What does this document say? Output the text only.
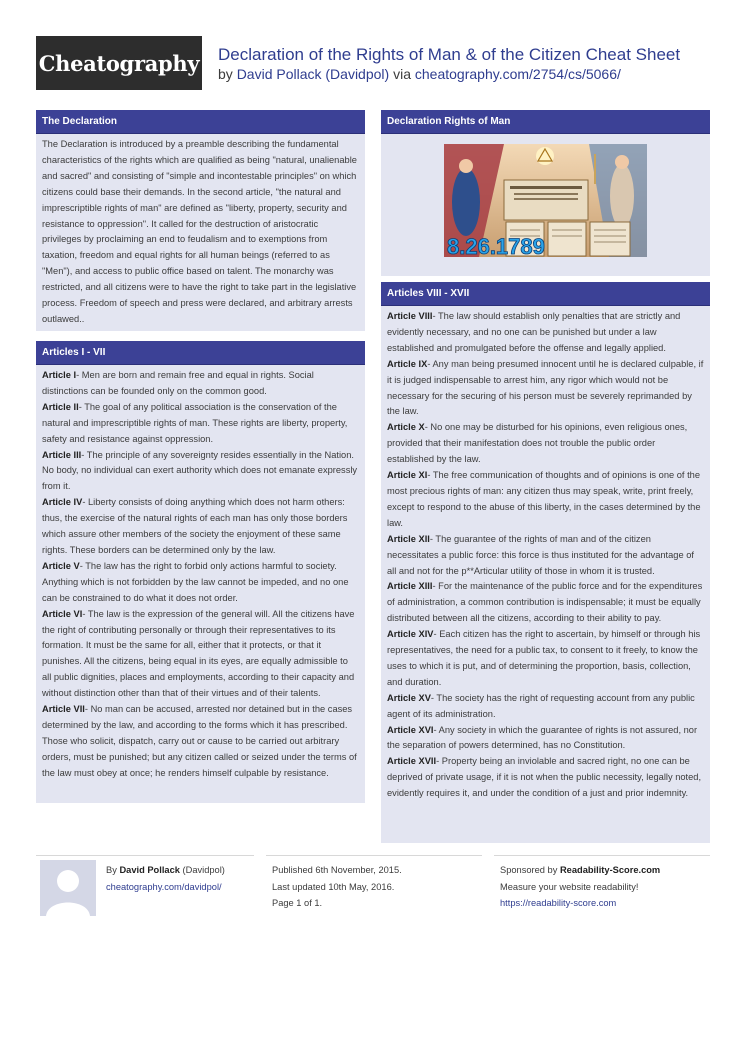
Cheatography Declaration of the Rights of Man & of the Citizen Cheat Sheet
by David Pollack (Davidpol) via cheatography.com/2754/cs/5066/
The Declaration
The Declaration is introduced by a preamble describing the fundamental characteristics of the rights which are qualified as being "natural, unalienable and sacred" and consisting of "simple and incontestable principles" on which citizens could base their demands. In the second article, "the natural and imprescriptible rights of man" are defined as "liberty, property, security and resistance to oppression". It called for the destruction of aristocratic privileges by proclaiming an end to feudalism and to exemptions from taxation, freedom and equal rights for all human beings (referred to as "Men"), and access to public office based on talent. The monarchy was restricted, and all citizens were to have the right to take part in the legislative process. Freedom of speech and press were declared, and arbitrary arrests outlawed..
Articles I - VII
Article I- Men are born and remain free and equal in rights. Social distinctions can be founded only on the common good.
Article II- The goal of any political association is the conservation of the natural and imprescriptible rights of man. These rights are liberty, property, safety and resistance against oppression.
Article III- The principle of any sovereignty resides essentially in the Nation. No body, no individual can exert authority which does not emanate expressly from it.
Article IV- Liberty consists of doing anything which does not harm others: thus, the exercise of the natural rights of each man has only those borders which assure other members of the society the enjoyment of these same rights. These borders can be determined only by the law.
Article V- The law has the right to forbid only actions harmful to society. Anything which is not forbidden by the law cannot be impeded, and no one can be constrained to do what it does not order.
Article VI- The law is the expression of the general will. All the citizens have the right of contributing personally or through their representatives to its formation. It must be the same for all, either that it protects, or that it punishes. All the citizens, being equal in its eyes, are equally admissible to all public dignities, places and employments, according to their capacity and without distinction other than that of their virtues and of their talents.
Article VII- No man can be accused, arrested nor detained but in the cases determined by the law, and according to the forms which it has prescribed. Those who solicit, dispatch, carry out or cause to be carried out arbitrary orders, must be punished; but any citizen called or seized under the terms of the law must obey at once; he renders himself culpable by resistance.
Declaration Rights of Man
8.26.1789
Articles VIII - XVII
Article VIII- The law should establish only penalties that are strictly and evidently necessary, and no one can be punished but under a law established and promulgated before the offense and legally applied.
Article IX- Any man being presumed innocent until he is declared culpable, if it is judged indispensable to arrest him, any rigor which would not be necessary for the securing of his person must be severely reprimanded by the law.
Article X- No one may be disturbed for his opinions, even religious ones, provided that their manifestation does not trouble the public order established by the law.
Article XI- The free communication of thoughts and of opinions is one of the most precious rights of man: any citizen thus may speak, write, print freely, except to respond to the abuse of this liberty, in the cases determined by the law.
Article XII- The guarantee of the rights of man and of the citizen necessitates a public force: this force is thus instituted for the advantage of all and not for the p**Articular utility of those in whom it is trusted.
Article XIII- For the maintenance of the public force and for the expenditures of administration, a common contribution is indispensable; it must be equally distributed between all the citizens, according to their ability to pay.
Article XIV- Each citizen has the right to ascertain, by himself or through his representatives, the need for a public tax, to consent to it freely, to know the uses to which it is put, and of determining the proportion, basis, collection, and duration.
Article XV- The society has the right of requesting account from any public agent of its administration.
Article XVI- Any society in which the guarantee of rights is not assured, nor the separation of powers determined, has no Constitution.
Article XVII- Property being an inviolable and sacred right, no one can be deprived of private usage, if it is not when the public necessity, legally noted, evidently requires it, and under the condition of a just and prior indemnity.
By David Pollack (Davidpol)
cheatography.com/davidpol/
Published 6th November, 2015.
Last updated 10th May, 2016.
Page 1 of 1.
Sponsored by Readability-Score.com
Measure your website readability!
https://readability-score.com
